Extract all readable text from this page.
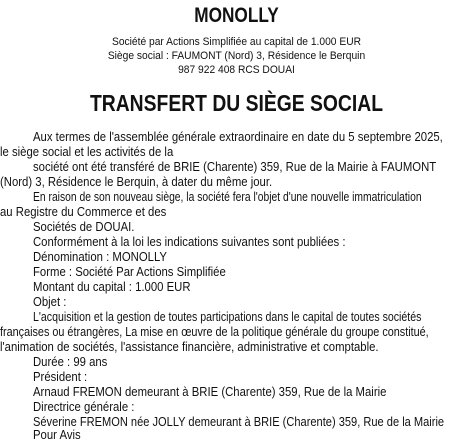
MONOLLY
Société par Actions Simplifiée au capital de 1.000 EUR
Siège social : FAUMONT (Nord) 3, Résidence le Berquin
987 922 408 RCS DOUAI
TRANSFERT DU SIÈGE SOCIAL
Aux termes de l'assemblée générale extraordinaire en date du 5 septembre 2025,
le siège social et les activités de la
société ont été transféré de BRIE (Charente) 359, Rue de la Mairie à FAUMONT
(Nord) 3, Résidence le Berquin, à dater du même jour.
En raison de son nouveau siège, la société fera l'objet d'une nouvelle immatriculation
au Registre du Commerce et des
Sociétés de DOUAI.
Conformément à la loi les indications suivantes sont publiées :
Dénomination : MONOLLY
Forme : Société Par Actions Simplifiée
Montant du capital : 1.000 EUR
Objet :
L'acquisition et la gestion de toutes participations dans le capital de toutes sociétés
françaises ou étrangères, La mise en œuvre de la politique générale du groupe constitué,
l'animation de sociétés, l'assistance financière, administrative et comptable.
Durée : 99 ans
Président :
Arnaud FREMON demeurant à BRIE (Charente) 359, Rue de la Mairie
Directrice générale :
Séverine FREMON née JOLLY demeurant à BRIE (Charente) 359, Rue de la Mairie
Pour Avis
